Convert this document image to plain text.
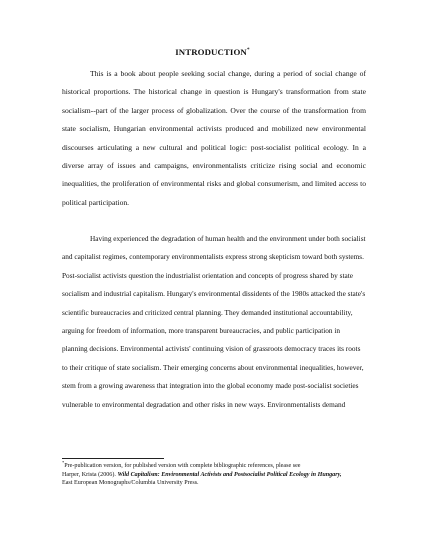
INTRODUCTION*

This is a book about people seeking social change, during a period of social change of historical proportions. The historical change in question is Hungary's transformation from state socialism--part of the larger process of globalization. Over the course of the transformation from state socialism, Hungarian environmental activists produced and mobilized new environmental discourses articulating a new cultural and political logic: post-socialist political ecology. In a diverse array of issues and campaigns, environmentalists criticize rising social and economic inequalities, the proliferation of environmental risks and global consumerism, and limited access to political participation.

Having experienced the degradation of human health and the environment under both socialist and capitalist regimes, contemporary environmentalists express strong skepticism toward both systems. Post-socialist activists question the industrialist orientation and concepts of progress shared by state socialism and industrial capitalism. Hungary's environmental dissidents of the 1980s attacked the state's scientific bureaucracies and criticized central planning. They demanded institutional accountability, arguing for freedom of information, more transparent bureaucracies, and public participation in planning decisions. Environmental activists' continuing vision of grassroots democracy traces its roots to their critique of state socialism. Their emerging concerns about environmental inequalities, however, stem from a growing awareness that integration into the global economy made post-socialist societies vulnerable to environmental degradation and other risks in new ways. Environmentalists demand

*Pre-publication version, for published version with complete bibliographic references, please see
Harper, Krista (2006). Wild Capitalism: Environmental Activists and Postsocialist Political Ecology in Hungary,
East European Monographs/Columbia University Press.
